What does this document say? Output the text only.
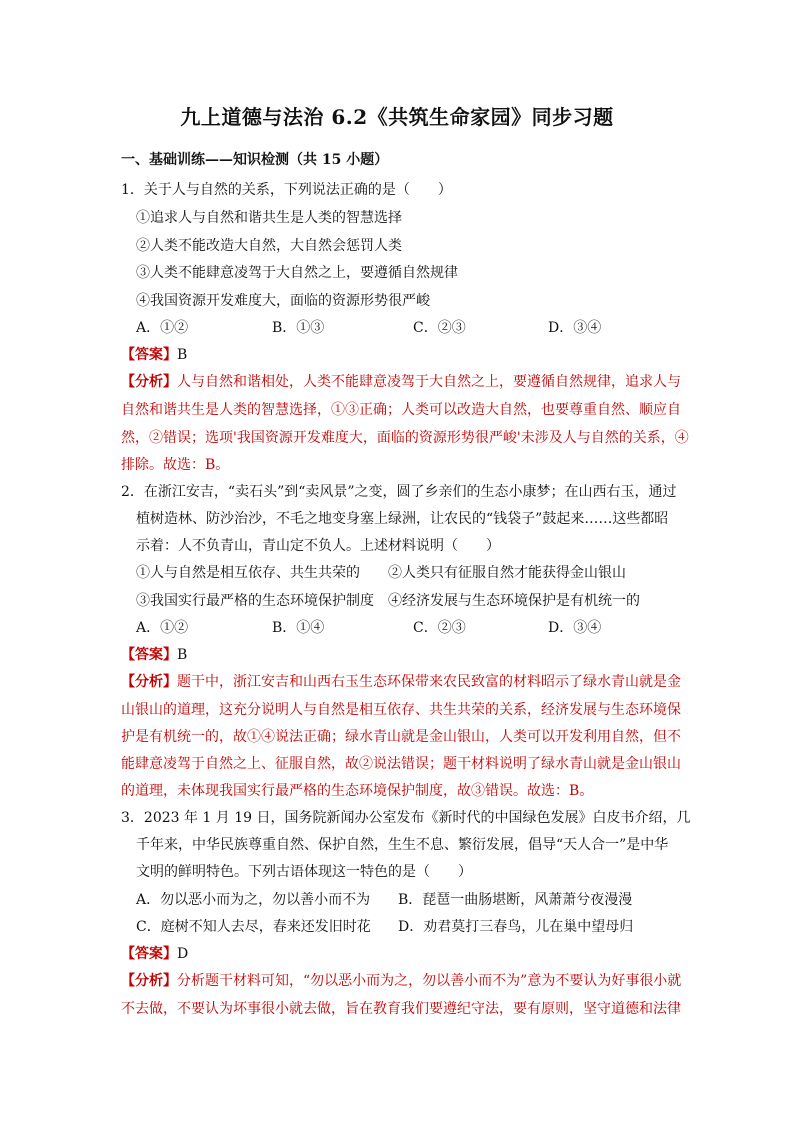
九上道德与法治 6.2《共筑生命家园》同步习题
一、基础训练——知识检测（共 15 小题）
1．关于人与自然的关系，下列说法正确的是（　　）
①追求人与自然和谐共生是人类的智慧选择
②人类不能改造大自然，大自然会惩罚人类
③人类不能肆意凌驾于大自然之上，要遵循自然规律
④我国资源开发难度大，面临的资源形势很严峻
A．①②	B．①③	C．②③	D．③④
【答案】B
【分析】人与自然和谐相处，人类不能肆意凌驾于大自然之上，要遵循自然规律，追求人与
自然和谐共生是人类的智慧选择，①③正确；人类可以改造大自然，也要尊重自然、顺应自
然，②错误；选项'我国资源开发难度大，面临的资源形势很严峻'未涉及人与自然的关系，④
排除。故选：B。
2．在浙江安吉，“卖石头”到“卖风景”之变，圆了乡亲们的生态小康梦；在山西右玉，通过
植树造林、防沙治沙，不毛之地变身塞上绿洲，让农民的“钱袋子”鼓起来……这些都昭
示着：人不负青山，青山定不负人。上述材料说明（　　）
①人与自然是相互依存、共生共荣的　　②人类只有征服自然才能获得金山银山
③我国实行最严格的生态环境保护制度　④经济发展与生态环境保护是有机统一的
A．①②	B．①④	C．②③	D．③④
【答案】B
【分析】题干中，浙江安吉和山西右玉生态环保带来农民致富的材料昭示了绿水青山就是金
山银山的道理，这充分说明人与自然是相互依存、共生共荣的关系，经济发展与生态环境保
护是有机统一的，故①④说法正确；绿水青山就是金山银山，人类可以开发利用自然，但不
能肆意凌驾于自然之上、征服自然，故②说法错误；题干材料说明了绿水青山就是金山银山
的道理，未体现我国实行最严格的生态环境保护制度，故③错误。故选：B。
3．2023 年 1 月 19 日，国务院新闻办公室发布《新时代的中国绿色发展》白皮书介绍，几
千年来，中华民族尊重自然、保护自然，生生不息、繁衍发展，倡导“天人合一”是中华
文明的鲜明特色。下列古语体现这一特色的是（　　）
A．勿以恶小而为之，勿以善小而不为 B．琵琶一曲肠堪断，风萧萧兮夜漫漫
C．庭树不知人去尽，春来还发旧时花 D．劝君莫打三春鸟，儿在巢中望母归
【答案】D
【分析】分析题干材料可知，“勿以恶小而为之，勿以善小而不为”意为不要认为好事很小就
不去做，不要认为坏事很小就去做，旨在教育我们要遵纪守法，要有原则，坚守道德和法律
